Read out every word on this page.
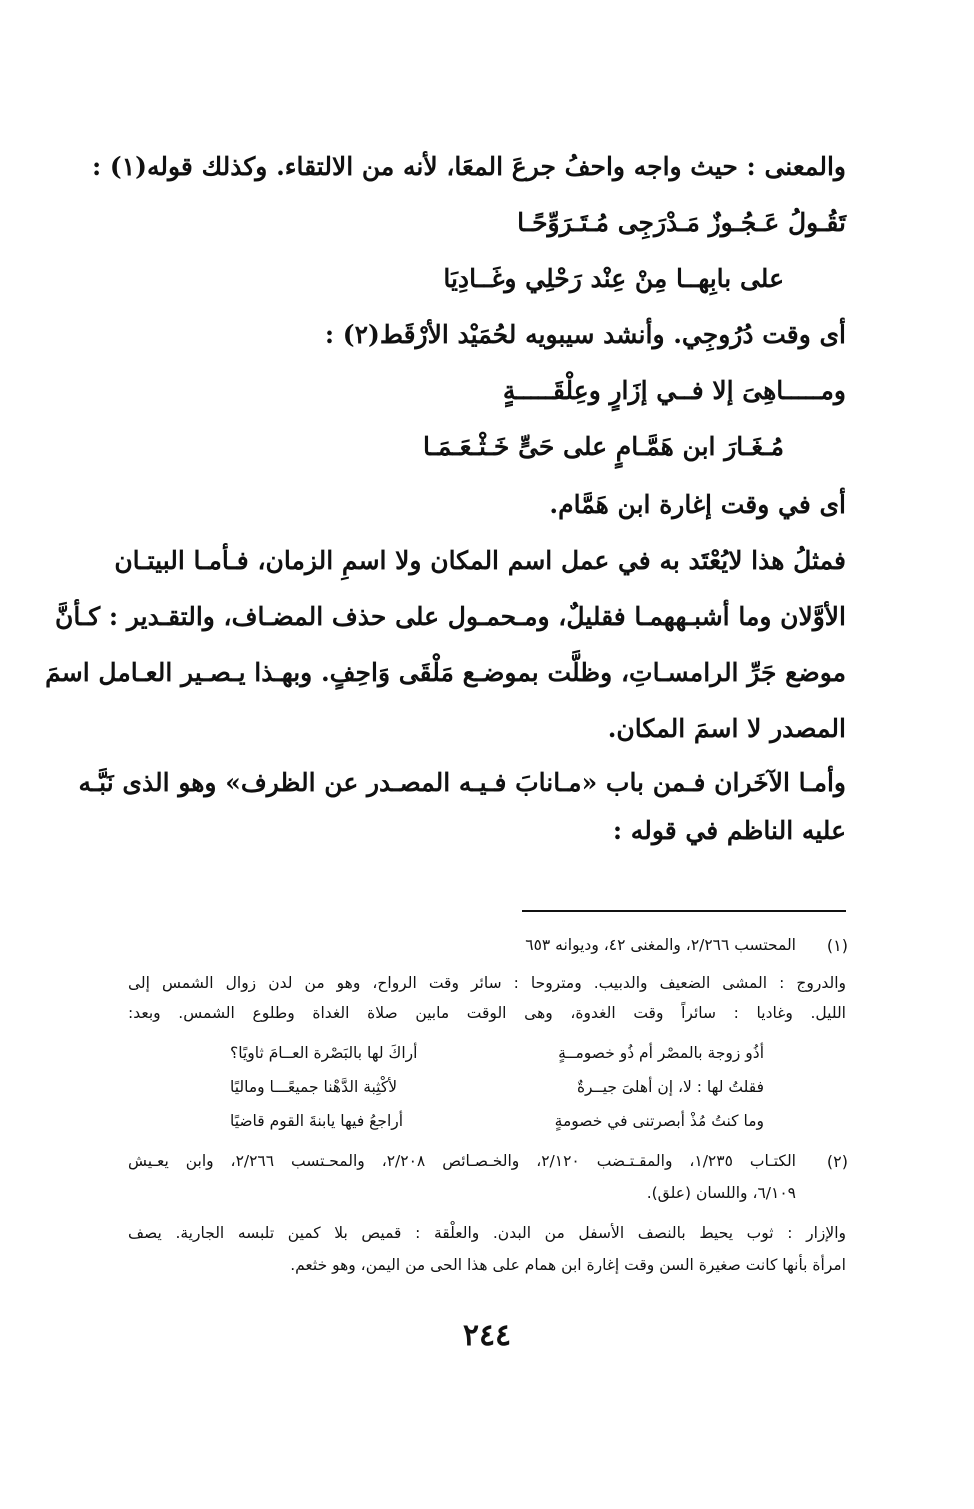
والمعنى : حيث واجه واحفُ جرعَ المعَا، لأنه من الالتقاء. وكذلك قوله(١) :
تَقُـولُ عَـجُـوزٌ مَـدْرَجِى مُـتَـرَوِّحًـا
على بابِهــا مِنْ عِنْد رَحْلِي وغَــادِيَا
أى وقت دُرُوجِي. وأنشد سيبويه لحُمَيْد الأرْقَط(٢) :
ومـــــاهِىَ إلا فــي إزَارٍ وعِلْقَـــــةٍ
مُـغَـارَ ابن هَمَّـامٍ على حَىٍّ خَـثْـعَـمَـا
أى في وقت إغارة ابن هَمَّام.
فمثلُ هذا لايُعْتَد به في عمل اسم المكان ولا اسمِ الزمان، فـأمـا البيتـان
الأوَّلان وما أشبـههمـا فقليلٌ، ومـحمـول على حذف المضـاف، والتقـدير : كـأنَّ
موضع جَرِّ الرامسـاتِ، وظلَّت بموضـع مَلْقَى وَاحِفٍ. وبهـذا يـصـير العـامل اسمَ
المصدر لا اسمَ المكان.
وأمـا الآخَران فـمن باب «مـانابَ فـيـه المصـدر عن الظرف» وهو الذى نَبَّـه
عليه الناظم في قوله :
(١)
المحتسب ٢/٢٦٦، والمغنى ٤٢، وديوانه ٦٥٣
والدروج : المشى الضعيف والدبيب. ومتروحا : سائر وقت الرواح، وهو من لدن زوال الشمس إلى
الليل. وغاديا : سائراً وقت الغدوة، وهى الوقت مابين صلاة الغداة وطلوع الشمس. وبعد:
أذُو زوجة بالمصْر أم ذُو خصومــةٍ
أراكَ لها بالبَصْرة العــامَ ثاويًا؟
فقلتُ لها : لا، إن أهلىَ جيــرةٌ
لأكْثِبة الدَّهْنا جميعًـــا وماليًا
وما كنتُ مُذْ أبصرتنى في خصومةٍ
أراجعُ فيها يابنةَ القوم قاضيًا
(٢)
الكتـاب ١/٢٣٥، والمقـتـضب ٢/١٢٠، والخـصـائص ٢/٢٠٨، والمحـتسب ٢/٢٦٦، وابن يعـيش
٦/١٠٩، واللسان (علق).
والإزار : ثوب يحيط بالنصف الأسفل من البدن. والعلْقة : قميص بلا كمين تلبسه الجارية. يصف
امرأة بأنها كانت صغيرة السن وقت إغارة ابن همام على هذا الحى من اليمن، وهو خثعم.
٢٤٤
